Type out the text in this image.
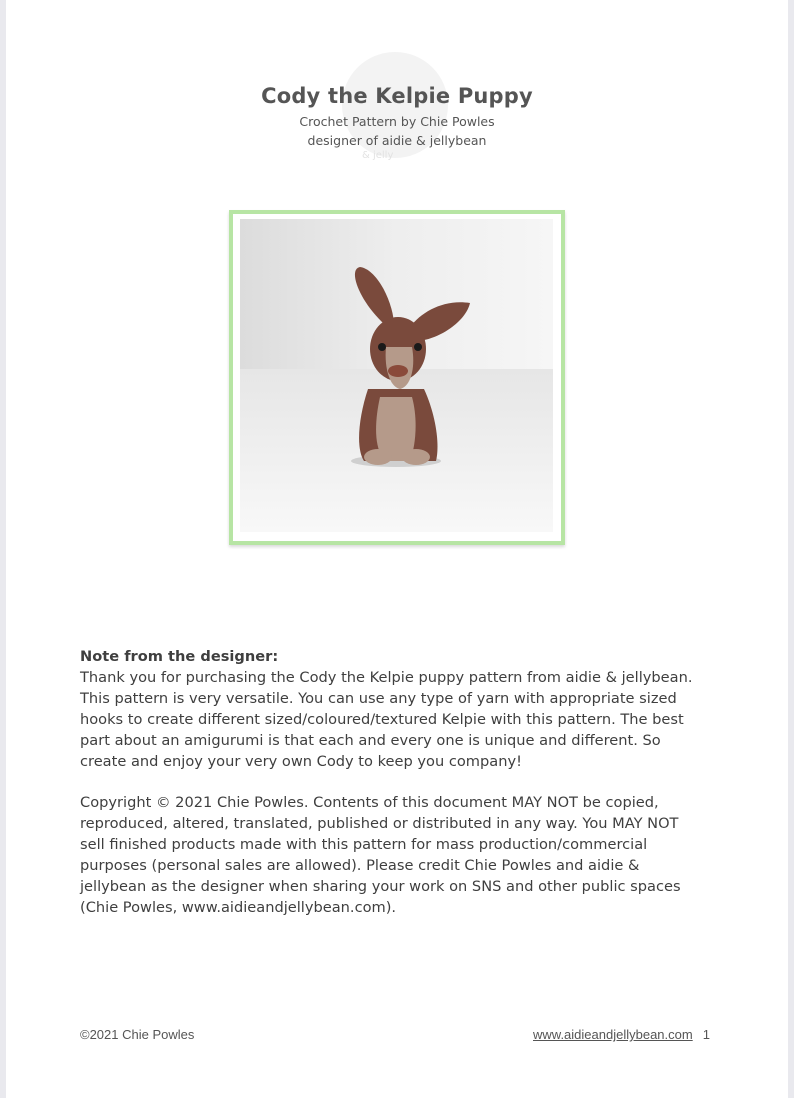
& jelly
Cody the Kelpie Puppy
Crochet Pattern by Chie Powles
designer of aidie & jellybean

Note from the designer:

Thank you for purchasing the Cody the Kelpie puppy pattern from aidie & jellybean.

This pattern is very versatile. You can use any type of yarn with appropriate sized

hooks to create different sized/coloured/textured Kelpie with this pattern. The best

part about an amigurumi is that each and every one is unique and different. So

create and enjoy your very own Cody to keep you company!

Copyright © 2021 Chie Powles. Contents of this document MAY NOT be copied,

reproduced, altered, translated, published or distributed in any way. You MAY NOT

sell finished products made with this pattern for mass production/commercial

purposes (personal sales are allowed). Please credit Chie Powles and aidie &

jellybean as the designer when sharing your work on SNS and other public spaces

(Chie Powles, www.aidieandjellybean.com).

©2021 Chie Powles	www.aidieandjellybean.com 1
